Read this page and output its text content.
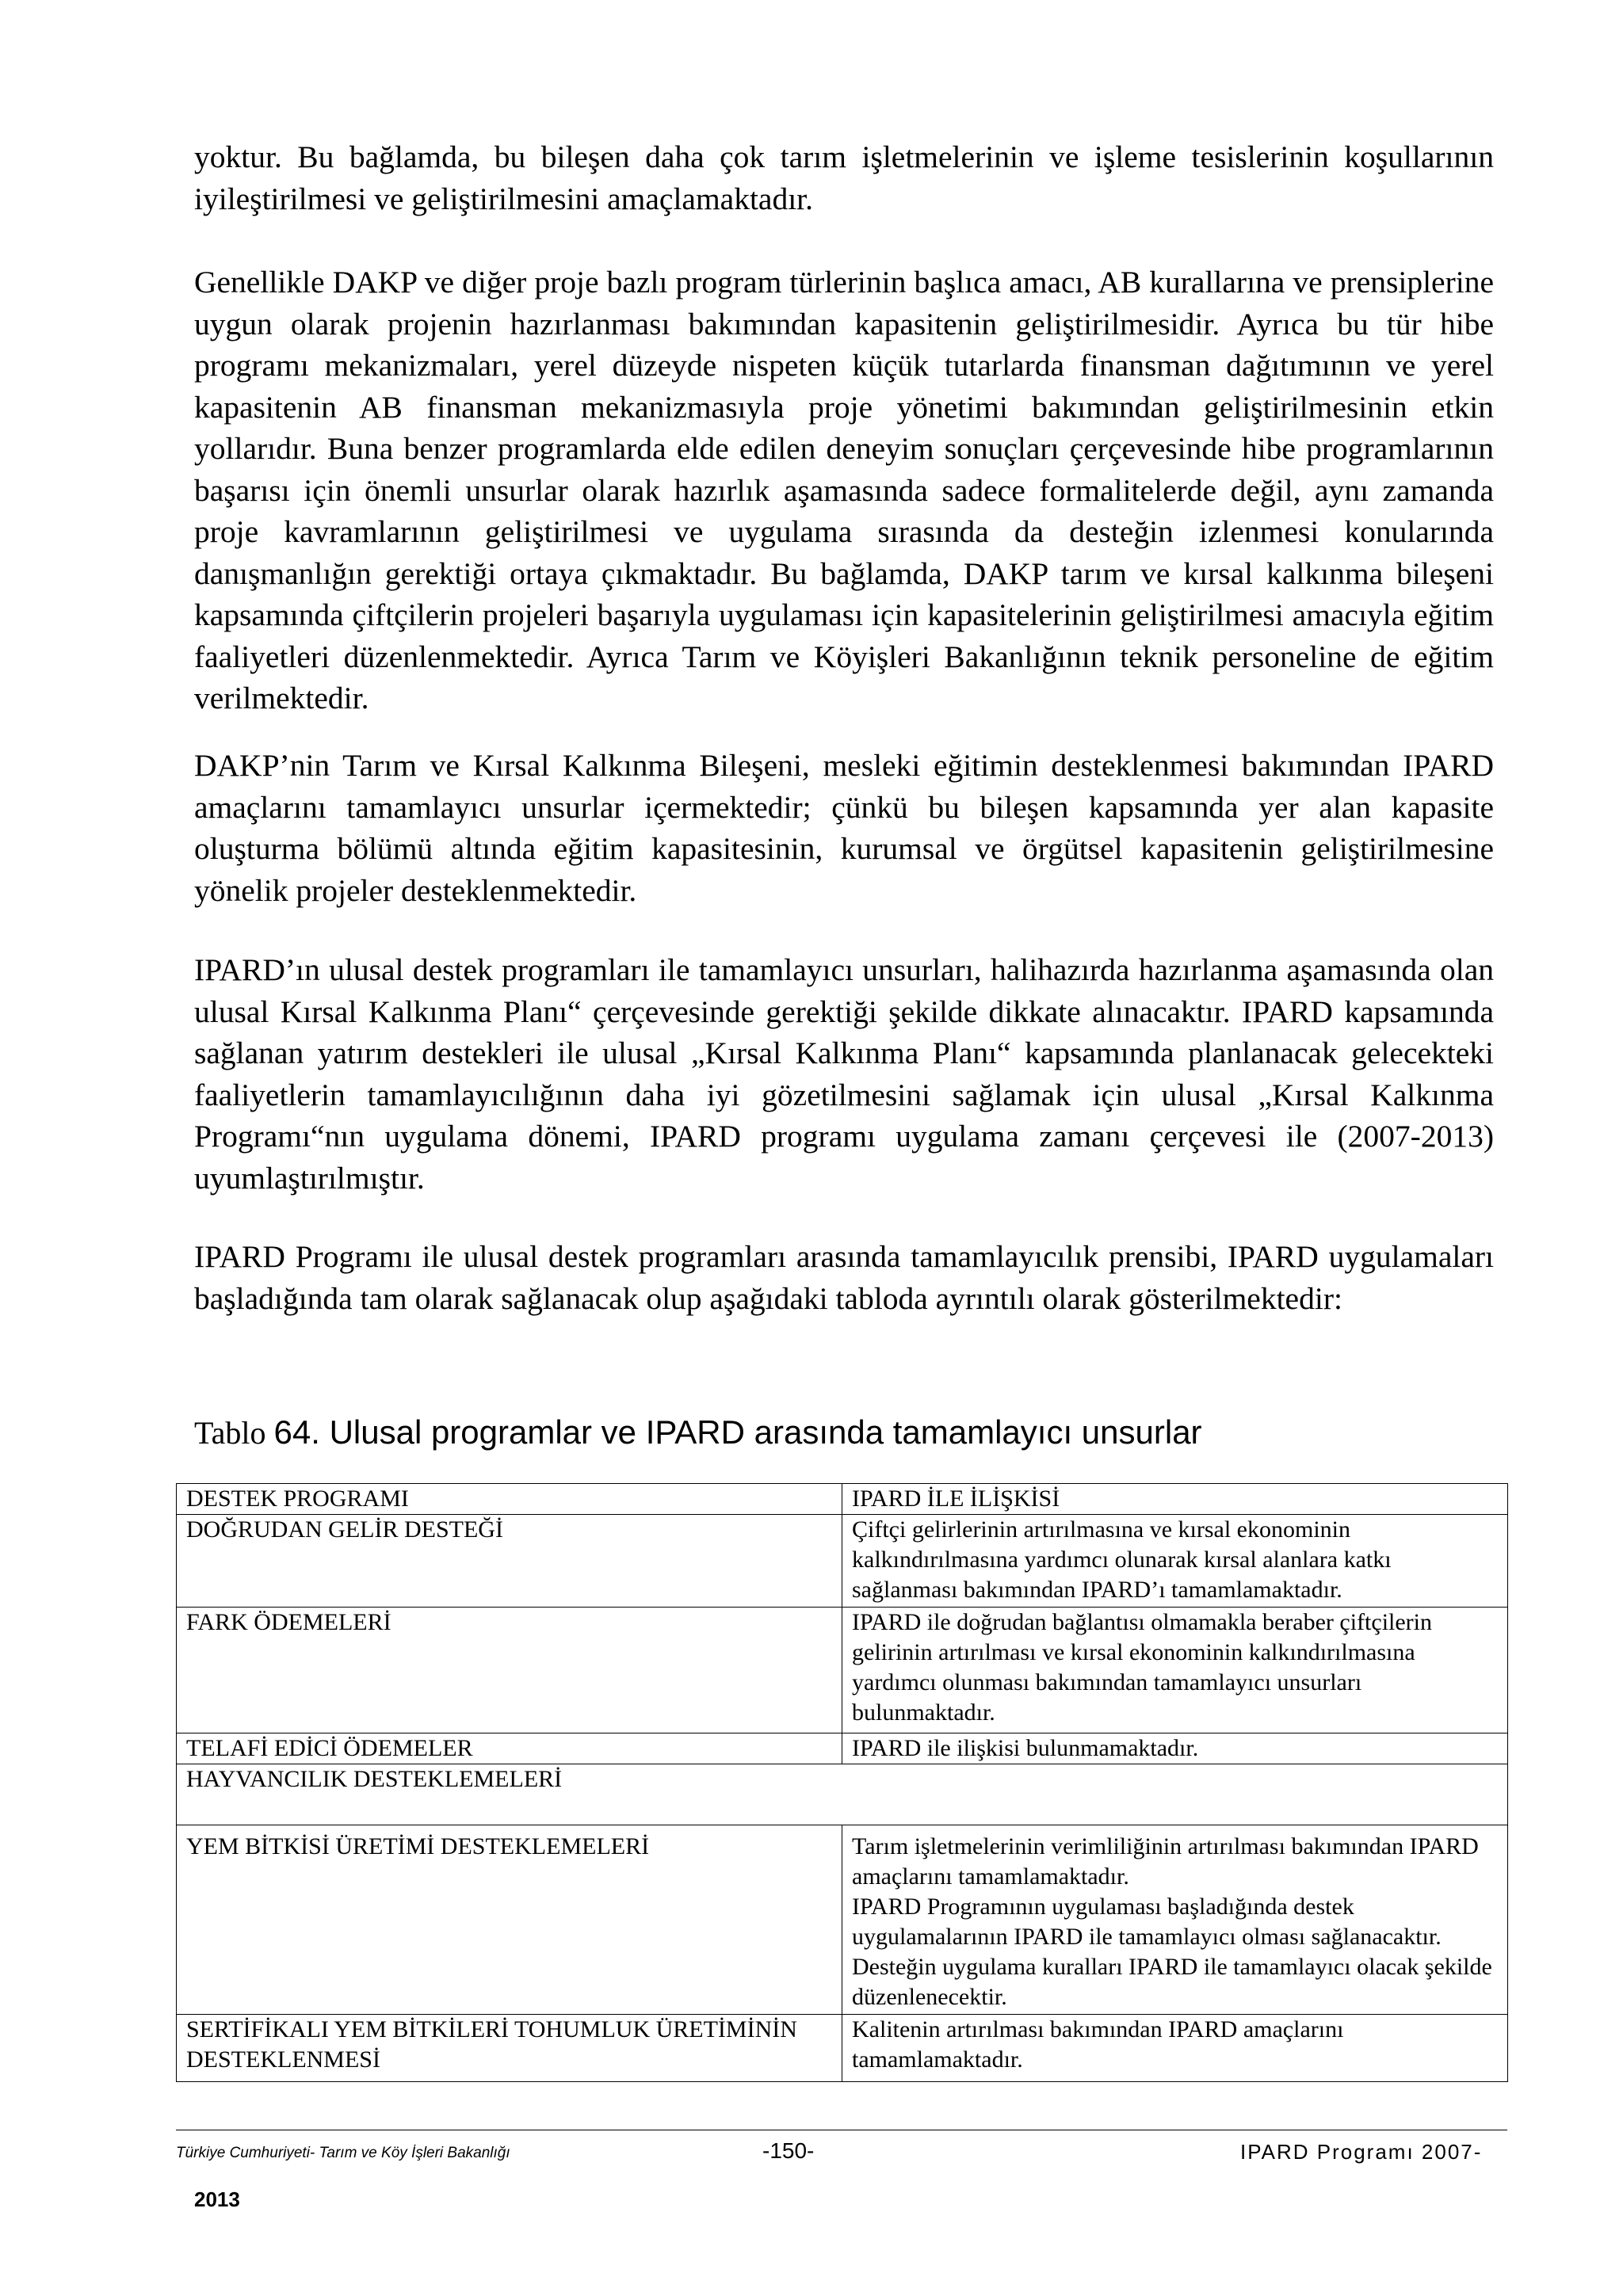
yoktur. Bu bağlamda, bu bileşen daha çok tarım işletmelerinin ve işleme tesislerinin koşullarının iyileştirilmesi ve geliştirilmesini amaçlamaktadır.

Genellikle DAKP ve diğer proje bazlı program türlerinin başlıca amacı, AB kurallarına ve prensiplerine uygun olarak projenin hazırlanması bakımından kapasitenin geliştirilmesidir. Ayrıca bu tür hibe programı mekanizmaları, yerel düzeyde nispeten küçük tutarlarda finansman dağıtımının ve yerel kapasitenin AB finansman mekanizmasıyla proje yönetimi bakımından geliştirilmesinin etkin yollarıdır. Buna benzer programlarda elde edilen deneyim sonuçları çerçevesinde hibe programlarının başarısı için önemli unsurlar olarak hazırlık aşamasında sadece formalitelerde değil, aynı zamanda proje kavramlarının geliştirilmesi ve uygulama sırasında da desteğin izlenmesi konularında danışmanlığın gerektiği ortaya çıkmaktadır. Bu bağlamda, DAKP tarım ve kırsal kalkınma bileşeni kapsamında çiftçilerin projeleri başarıyla uygulaması için kapasitelerinin geliştirilmesi amacıyla eğitim faaliyetleri düzenlenmektedir. Ayrıca Tarım ve Köyişleri Bakanlığının teknik personeline de eğitim verilmektedir.

DAKP’nin Tarım ve Kırsal Kalkınma Bileşeni, mesleki eğitimin desteklenmesi bakımından IPARD amaçlarını tamamlayıcı unsurlar içermektedir; çünkü bu bileşen kapsamında yer alan kapasite oluşturma bölümü altında eğitim kapasitesinin, kurumsal ve örgütsel kapasitenin geliştirilmesine yönelik projeler desteklenmektedir.

IPARD’ın ulusal destek programları ile tamamlayıcı unsurları, halihazırda hazırlanma aşamasında olan ulusal Kırsal Kalkınma Planı“ çerçevesinde gerektiği şekilde dikkate alınacaktır. IPARD kapsamında sağlanan yatırım destekleri ile ulusal „Kırsal Kalkınma Planı“ kapsamında planlanacak gelecekteki faaliyetlerin tamamlayıcılığının daha iyi gözetilmesini sağlamak için ulusal „Kırsal Kalkınma Programı“nın uygulama dönemi, IPARD programı uygulama zamanı çerçevesi ile (2007-2013) uyumlaştırılmıştır.

IPARD Programı ile ulusal destek programları arasında tamamlayıcılık prensibi, IPARD uygulamaları başladığında tam olarak sağlanacak olup aşağıdaki tabloda ayrıntılı olarak gösterilmektedir:

Tablo 64. Ulusal programlar ve IPARD arasında tamamlayıcı unsurlar

DESTEK PROGRAMI	IPARD İLE İLİŞKİSİ
DOĞRUDAN GELİR DESTEĞİ	Çiftçi gelirlerinin artırılmasına ve kırsal ekonominin kalkındırılmasına yardımcı olunarak kırsal alanlara katkı sağlanması bakımından IPARD’ı tamamlamaktadır.
FARK ÖDEMELERİ	IPARD ile doğrudan bağlantısı olmamakla beraber çiftçilerin gelirinin artırılması ve kırsal ekonominin kalkındırılmasına yardımcı olunması bakımından tamamlayıcı unsurları bulunmaktadır.
TELAFİ EDİCİ ÖDEMELER	IPARD ile ilişkisi bulunmamaktadır.
HAYVANCILIK DESTEKLEMELERİ	
YEM BİTKİSİ ÜRETİMİ DESTEKLEMELERİ	Tarım işletmelerinin verimliliğinin artırılması bakımından IPARD amaçlarını tamamlamaktadır.
IPARD Programının uygulaması başladığında destek uygulamalarının IPARD ile tamamlayıcı olması sağlanacaktır. Desteğin uygulama kuralları IPARD ile tamamlayıcı olacak şekilde düzenlenecektir.

SERTİFİKALI YEM BİTKİLERİ TOHUMLUK ÜRETİMİNİN DESTEKLENMESİ	Kalitenin artırılması bakımından IPARD amaçlarını tamamlamaktadır.

Türkiye Cumhuriyeti- Tarım ve Köy İşleri Bakanlığı	-150-	IPARD Programı 2007-

2013
